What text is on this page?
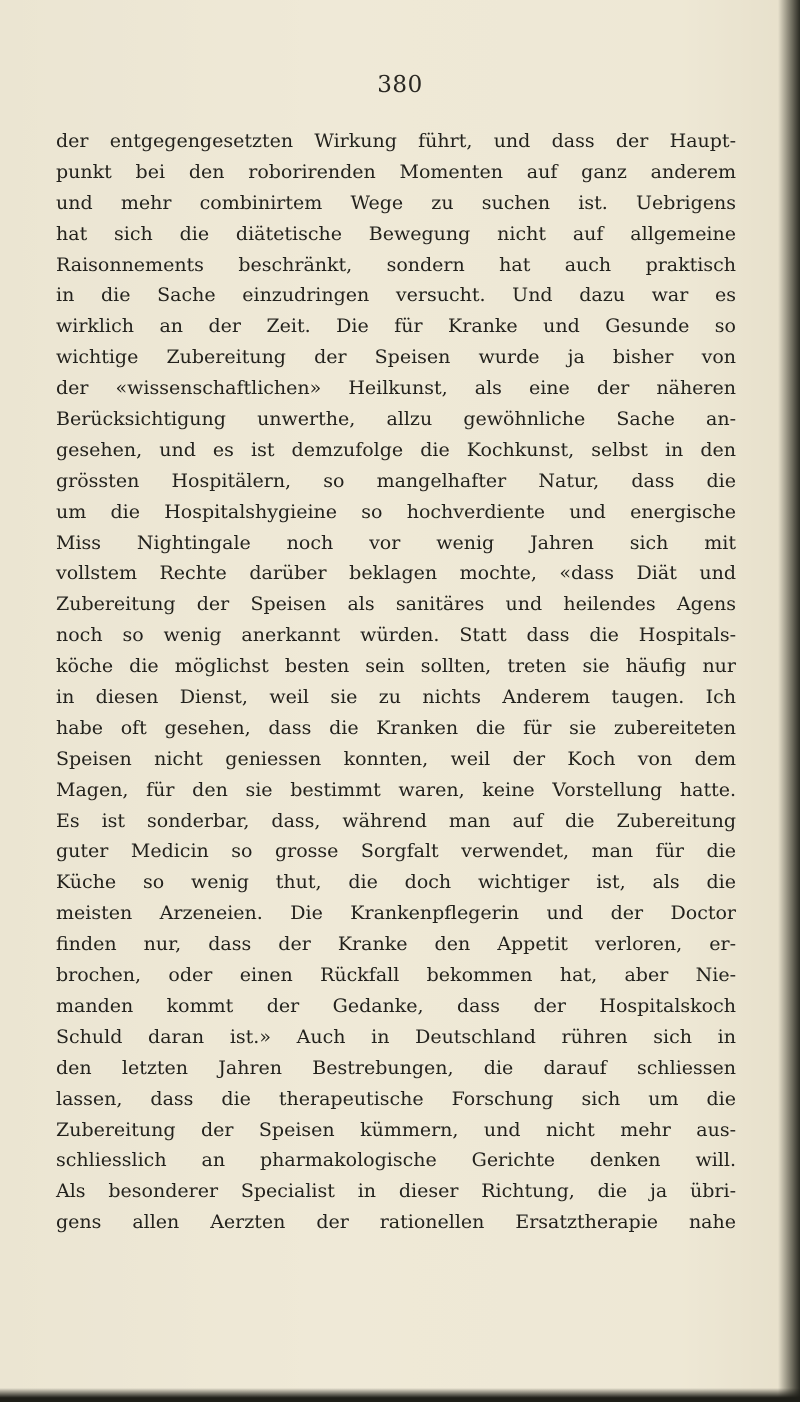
380
der entgegengesetzten Wirkung führt, und dass der Haupt-
punkt bei den roborirenden Momenten auf ganz anderem
und mehr combinirtem Wege zu suchen ist. Uebrigens
hat sich die diätetische Bewegung nicht auf allgemeine
Raisonnements beschränkt, sondern hat auch praktisch
in die Sache einzudringen versucht. Und dazu war es
wirklich an der Zeit. Die für Kranke und Gesunde so
wichtige Zubereitung der Speisen wurde ja bisher von
der «wissenschaftlichen» Heilkunst, als eine der näheren
Berücksichtigung unwerthe, allzu gewöhnliche Sache an-
gesehen, und es ist demzufolge die Kochkunst, selbst in den
grössten Hospitälern, so mangelhafter Natur, dass die
um die Hospitalshygieine so hochverdiente und energische
Miss Nightingale noch vor wenig Jahren sich mit
vollstem Rechte darüber beklagen mochte, «dass Diät und
Zubereitung der Speisen als sanitäres und heilendes Agens
noch so wenig anerkannt würden. Statt dass die Hospitals-
köche die möglichst besten sein sollten, treten sie häufig nur
in diesen Dienst, weil sie zu nichts Anderem taugen. Ich
habe oft gesehen, dass die Kranken die für sie zubereiteten
Speisen nicht geniessen konnten, weil der Koch von dem
Magen, für den sie bestimmt waren, keine Vorstellung hatte.
Es ist sonderbar, dass, während man auf die Zubereitung
guter Medicin so grosse Sorgfalt verwendet, man für die
Küche so wenig thut, die doch wichtiger ist, als die
meisten Arzeneien. Die Krankenpflegerin und der Doctor
finden nur, dass der Kranke den Appetit verloren, er-
brochen, oder einen Rückfall bekommen hat, aber Nie-
manden kommt der Gedanke, dass der Hospitalskoch
Schuld daran ist.» Auch in Deutschland rühren sich in
den letzten Jahren Bestrebungen, die darauf schliessen
lassen, dass die therapeutische Forschung sich um die
Zubereitung der Speisen kümmern, und nicht mehr aus-
schliesslich an pharmakologische Gerichte denken will.
Als besonderer Specialist in dieser Richtung, die ja übri-
gens allen Aerzten der rationellen Ersatztherapie nahe
